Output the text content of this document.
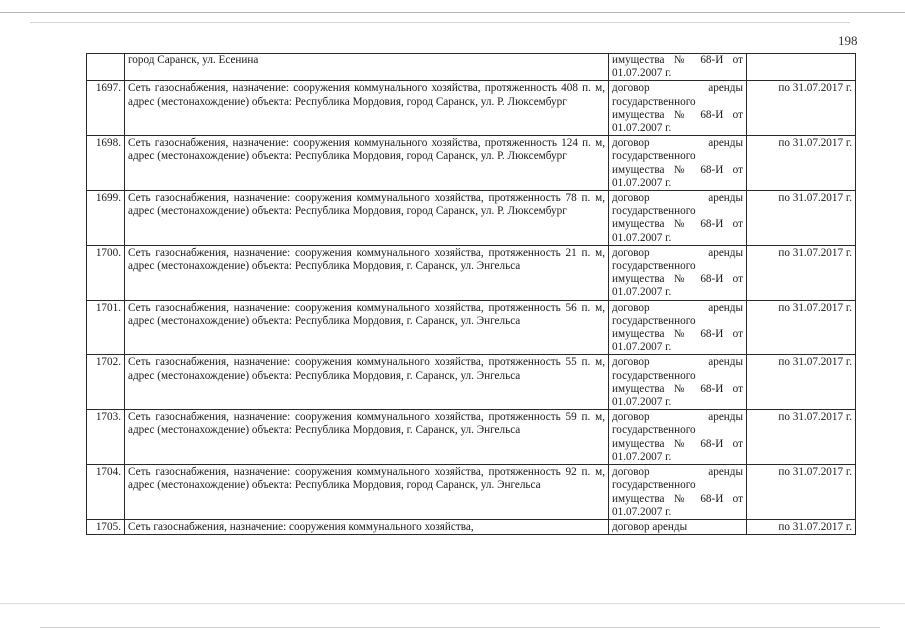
198
	город Саранск, ул. Есенина	имущества № 68-И от 01.07.2007 г.	
1697.	Сеть газоснабжения, назначение: сооружения коммунального хозяйства, протяженность 408 п. м, адрес (местонахождение) объекта: Республика Мордовия, город Саранск, ул. Р. Люксембург	договор аренды государственного имущества № 68-И от 01.07.2007 г.	по 31.07.2017 г.
1698.	Сеть газоснабжения, назначение: сооружения коммунального хозяйства, протяженность 124 п. м, адрес (местонахождение) объекта: Республика Мордовия, город Саранск, ул. Р. Люксембург	договор аренды государственного имущества № 68-И от 01.07.2007 г.	по 31.07.2017 г.
1699.	Сеть газоснабжения, назначение: сооружения коммунального хозяйства, протяженность 78 п. м, адрес (местонахождение) объекта: Республика Мордовия, город Саранск, ул. Р. Люксембург	договор аренды государственного имущества № 68-И от 01.07.2007 г.	по 31.07.2017 г.
1700.	Сеть газоснабжения, назначение: сооружения коммунального хозяйства, протяженность 21 п. м, адрес (местонахождение) объекта: Республика Мордовия, г. Саранск, ул. Энгельса	договор аренды государственного имущества № 68-И от 01.07.2007 г.	по 31.07.2017 г.
1701.	Сеть газоснабжения, назначение: сооружения коммунального хозяйства, протяженность 56 п. м, адрес (местонахождение) объекта: Республика Мордовия, г. Саранск, ул. Энгельса	договор аренды государственного имущества № 68-И от 01.07.2007 г.	по 31.07.2017 г.
1702.	Сеть газоснабжения, назначение: сооружения коммунального хозяйства, протяженность 55 п. м, адрес (местонахождение) объекта: Республика Мордовия, г. Саранск, ул. Энгельса	договор аренды государственного имущества № 68-И от 01.07.2007 г.	по 31.07.2017 г.
1703.	Сеть газоснабжения, назначение: сооружения коммунального хозяйства, протяженность 59 п. м, адрес (местонахождение) объекта: Республика Мордовия, г. Саранск, ул. Энгельса	договор аренды государственного имущества № 68-И от 01.07.2007 г.	по 31.07.2017 г.
1704.	Сеть газоснабжения, назначение: сооружения коммунального хозяйства, протяженность 92 п. м, адрес (местонахождение) объекта: Республика Мордовия, город Саранск, ул. Энгельса	договор аренды государственного имущества № 68-И от 01.07.2007 г.	по 31.07.2017 г.
1705.	Сеть газоснабжения, назначение: сооружения коммунального хозяйства,	договор аренды	по 31.07.2017 г.
